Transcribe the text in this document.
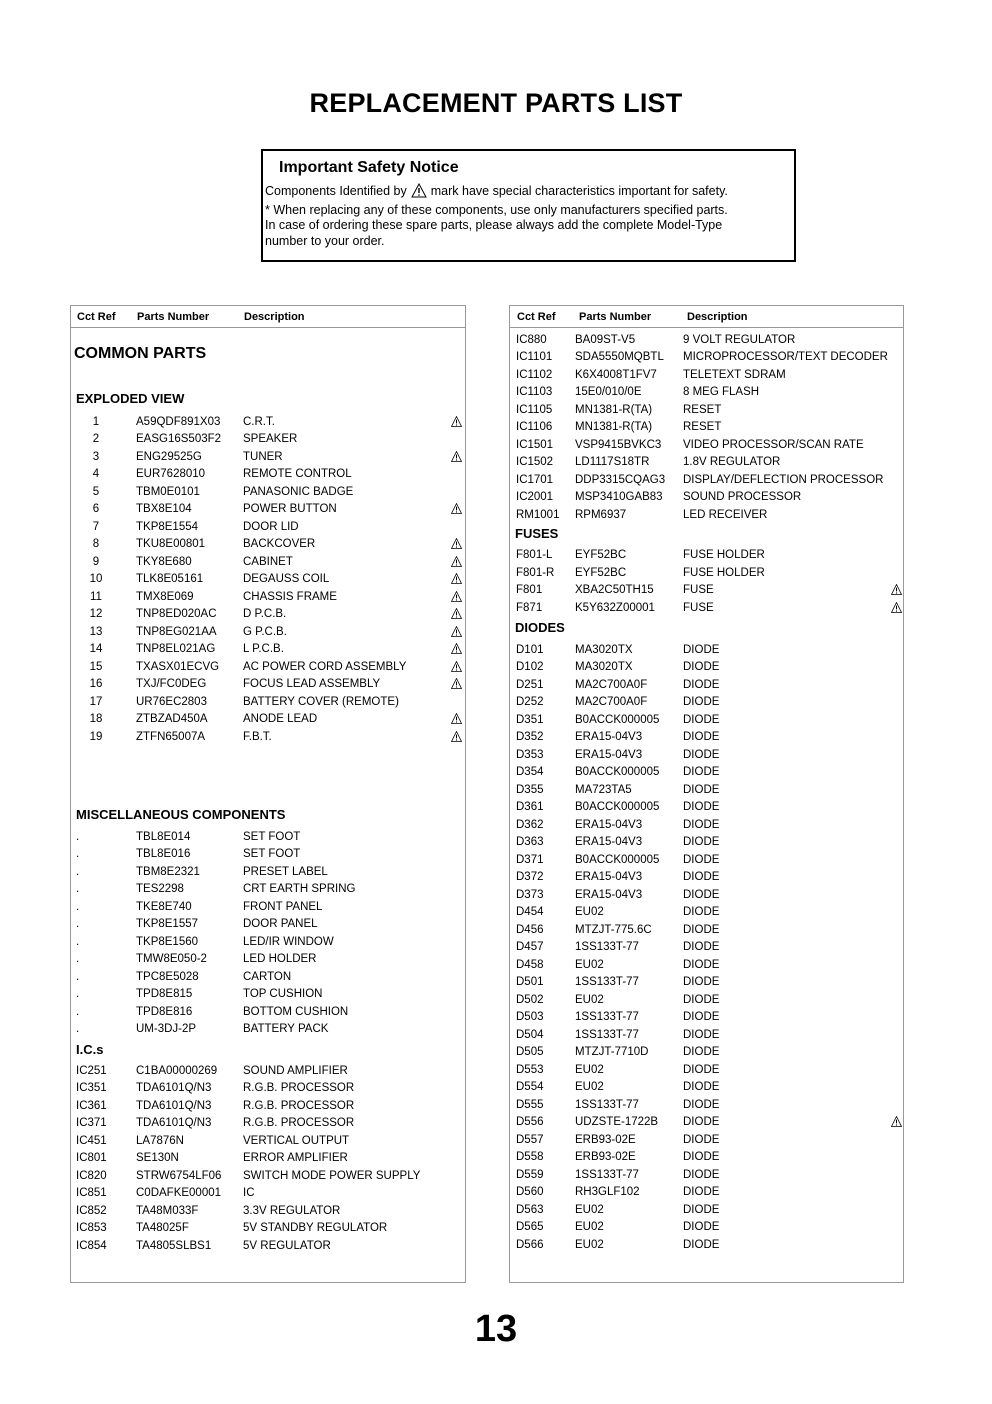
REPLACEMENT PARTS LIST
Important Safety Notice
Components Identified by mark have special characteristics important for safety.
* When replacing any of these components, use only manufacturers specified parts.
In case of ordering these spare parts, please always add the complete Model-Type
number to your order.
Cct Ref Parts Number	Description
COMMON PARTS
EXPLODED VIEW
1	A59QDF891X03 C.R.T.
2	EASG16S503F2 SPEAKER
3	ENG29525G	TUNER
4	EUR7628010	REMOTE CONTROL
5	TBM0E0101	PANASONIC BADGE
6	TBX8E104	POWER BUTTON
7	TKP8E1554	DOOR LID
8	TKU8E00801	BACKCOVER
9	TKY8E680	CABINET
10	TLK8E05161	DEGAUSS COIL
11	TMX8E069	CHASSIS FRAME
12	TNP8ED020AC D P.C.B.
13	TNP8EG021AA G P.C.B.
14	TNP8EL021AG L P.C.B.
15	TXASX01ECVG AC POWER CORD ASSEMBLY
16	TXJ/FC0DEG	FOCUS LEAD ASSEMBLY
17	UR76EC2803	BATTERY COVER (REMOTE)
18	ZTBZAD450A	ANODE LEAD
19	ZTFN65007A	F.B.T.
MISCELLANEOUS COMPONENTS
.	TBL8E014	SET FOOT
.	TBL8E016	SET FOOT
.	TBM8E2321	PRESET LABEL
.	TES2298	CRT EARTH SPRING
.	TKE8E740	FRONT PANEL
.	TKP8E1557	DOOR PANEL
.	TKP8E1560	LED/IR WINDOW
.	TMW8E050-2	LED HOLDER
.	TPC8E5028	CARTON
.	TPD8E815	TOP CUSHION
.	TPD8E816	BOTTOM CUSHION
.	UM-3DJ-2P	BATTERY PACK
I.C.s
IC251	C1BA00000269 SOUND AMPLIFIER
IC351	TDA6101Q/N3	R.G.B. PROCESSOR
IC361	TDA6101Q/N3	R.G.B. PROCESSOR
IC371	TDA6101Q/N3	R.G.B. PROCESSOR
IC451	LA7876N	VERTICAL OUTPUT
IC801	SE130N	ERROR AMPLIFIER
IC820	STRW6754LF06 SWITCH MODE POWER SUPPLY
IC851	C0DAFKE00001 IC
IC852	TA48M033F	3.3V REGULATOR
IC853	TA48025F	5V STANDBY REGULATOR
IC854	TA4805SLBS1	5V REGULATOR
Cct Ref Parts Number	Description
IC880 BA09ST-V5	9 VOLT REGULATOR
IC1101 SDA5550MQBTL MICROPROCESSOR/TEXT DECODER
IC1102 K6X4008T1FV7 TELETEXT SDRAM
IC1103 15E0/010/0E	8 MEG FLASH
IC1105 MN1381-R(TA)	RESET
IC1106 MN1381-R(TA)	RESET
IC1501 VSP9415BVKC3 VIDEO PROCESSOR/SCAN RATE
IC1502 LD1117S18TR	1.8V REGULATOR
IC1701 DDP3315CQAG3 DISPLAY/DEFLECTION PROCESSOR
IC2001 MSP3410GAB83 SOUND PROCESSOR
RM1001 RPM6937	LED RECEIVER
FUSES
F801-L EYF52BC	FUSE HOLDER
F801-R EYF52BC	FUSE HOLDER
F801	XBA2C50TH15	FUSE
F871	K5Y632Z00001 FUSE
DIODES
D101	MA3020TX	DIODE
D102	MA3020TX	DIODE
D251	MA2C700A0F	DIODE
D252	MA2C700A0F	DIODE
D351	B0ACCK000005 DIODE
D352	ERA15-04V3	DIODE
D353	ERA15-04V3	DIODE
D354	B0ACCK000005 DIODE
D355	MA723TA5	DIODE
D361	B0ACCK000005 DIODE
D362	ERA15-04V3	DIODE
D363	ERA15-04V3	DIODE
D371	B0ACCK000005 DIODE
D372	ERA15-04V3	DIODE
D373	ERA15-04V3	DIODE
D454	EU02	DIODE
D456	MTZJT-775.6C	DIODE
D457	1SS133T-77	DIODE
D458	EU02	DIODE
D501	1SS133T-77	DIODE
D502	EU02	DIODE
D503	1SS133T-77	DIODE
D504	1SS133T-77	DIODE
D505	MTZJT-7710D	DIODE
D553	EU02	DIODE
D554	EU02	DIODE
D555	1SS133T-77	DIODE
D556	UDZSTE-1722B DIODE
D557	ERB93-02E	DIODE
D558	ERB93-02E	DIODE
D559	1SS133T-77	DIODE
D560	RH3GLF102	DIODE
D563	EU02	DIODE
D565	EU02	DIODE
D566	EU02	DIODE
13
